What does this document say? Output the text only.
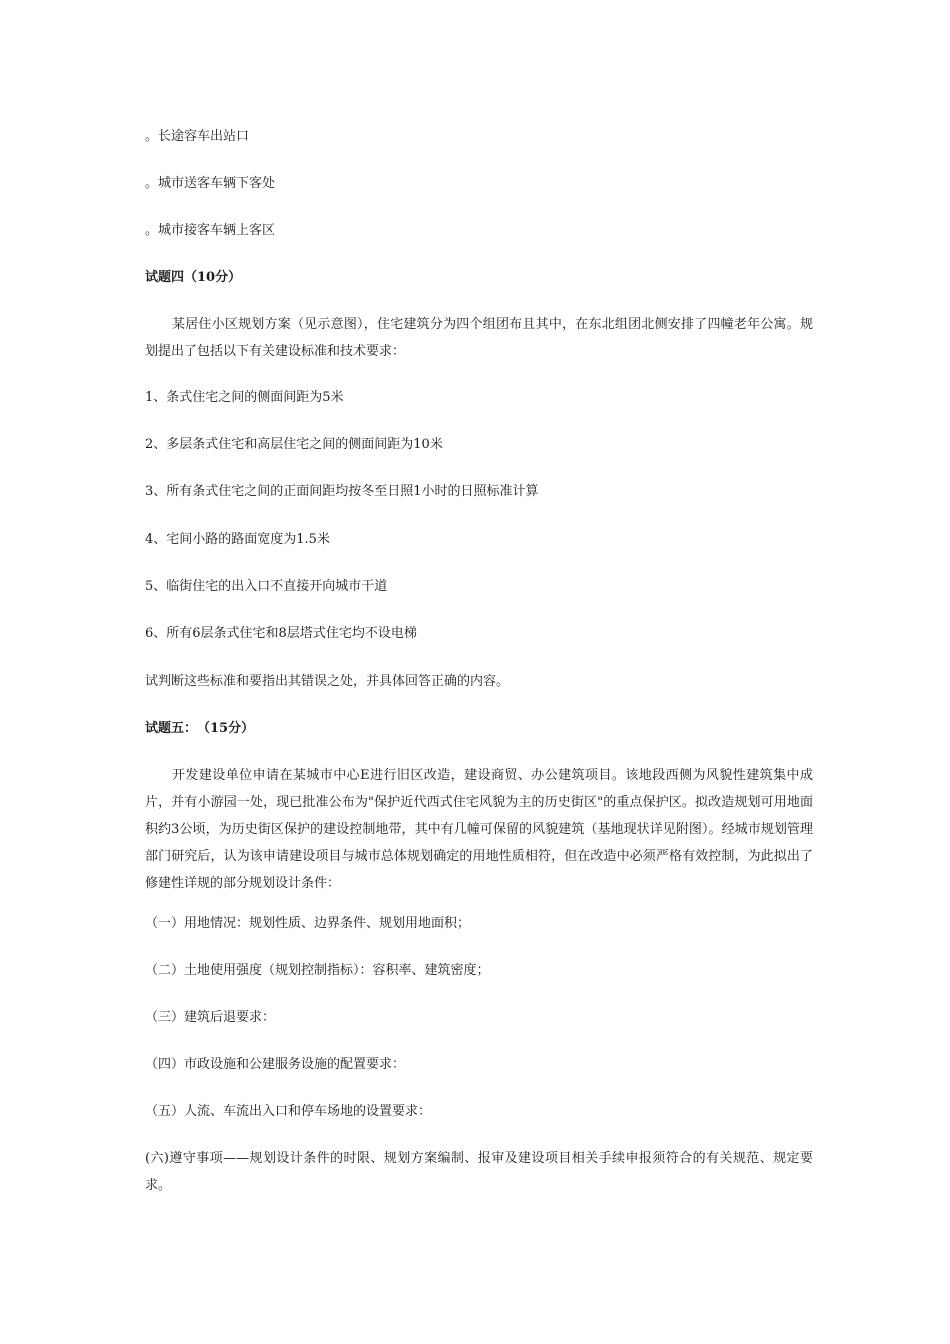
。长途容车出站口
。城市送客车辆下客处
。城市接客车辆上客区
试题四（10分）
某居住小区规划方案（见示意图），住宅建筑分为四个组团布且其中，在东北组团北侧安排了四幢老年公寓。规划提出了包括以下有关建设标准和技术要求：
1、条式住宅之间的侧面间距为5米
2、多层条式住宅和高层住宅之间的侧面间距为10米
3、所有条式住宅之间的正面间距均按冬至日照1小时的日照标准计算
4、宅间小路的路面宽度为1.5米
5、临街住宅的出入口不直接开向城市干道
6、所有6层条式住宅和8层塔式住宅均不设电梯
试判断这些标准和要指出其错误之处，并具体回答正确的内容。
试题五：　（15分）
开发建设单位申请在某城市中心E进行旧区改造，建设商贸、办公建筑项目。该地段西侧为风貌性建筑集中成片，并有小游园一处，现已批准公布为"保护近代西式住宅风貌为主的历史街区"的重点保护区。拟改造规划可用地面积约3公顷，为历史街区保护的建设控制地带，其中有几幢可保留的风貌建筑（基地现状详见附图）。经城市规划管理部门研究后，认为该申请建设项目与城市总体规划确定的用地性质相符，但在改造中必须严格有效控制，为此拟出了修建性详规的部分规划设计条件：
（一）用地情况：规划性质、边界条件、规划用地面积；
（二）土地使用强度（规划控制指标）：容积率、建筑密度；
（三）建筑后退要求：
（四）市政设施和公建服务设施的配置要求：
（五）人流、车流出入口和停车场地的设置要求：
(六)遵守事项——规划设计条件的时限、规划方案编制、报审及建设项目相关手续申报须符合的有关规范、规定要求。
